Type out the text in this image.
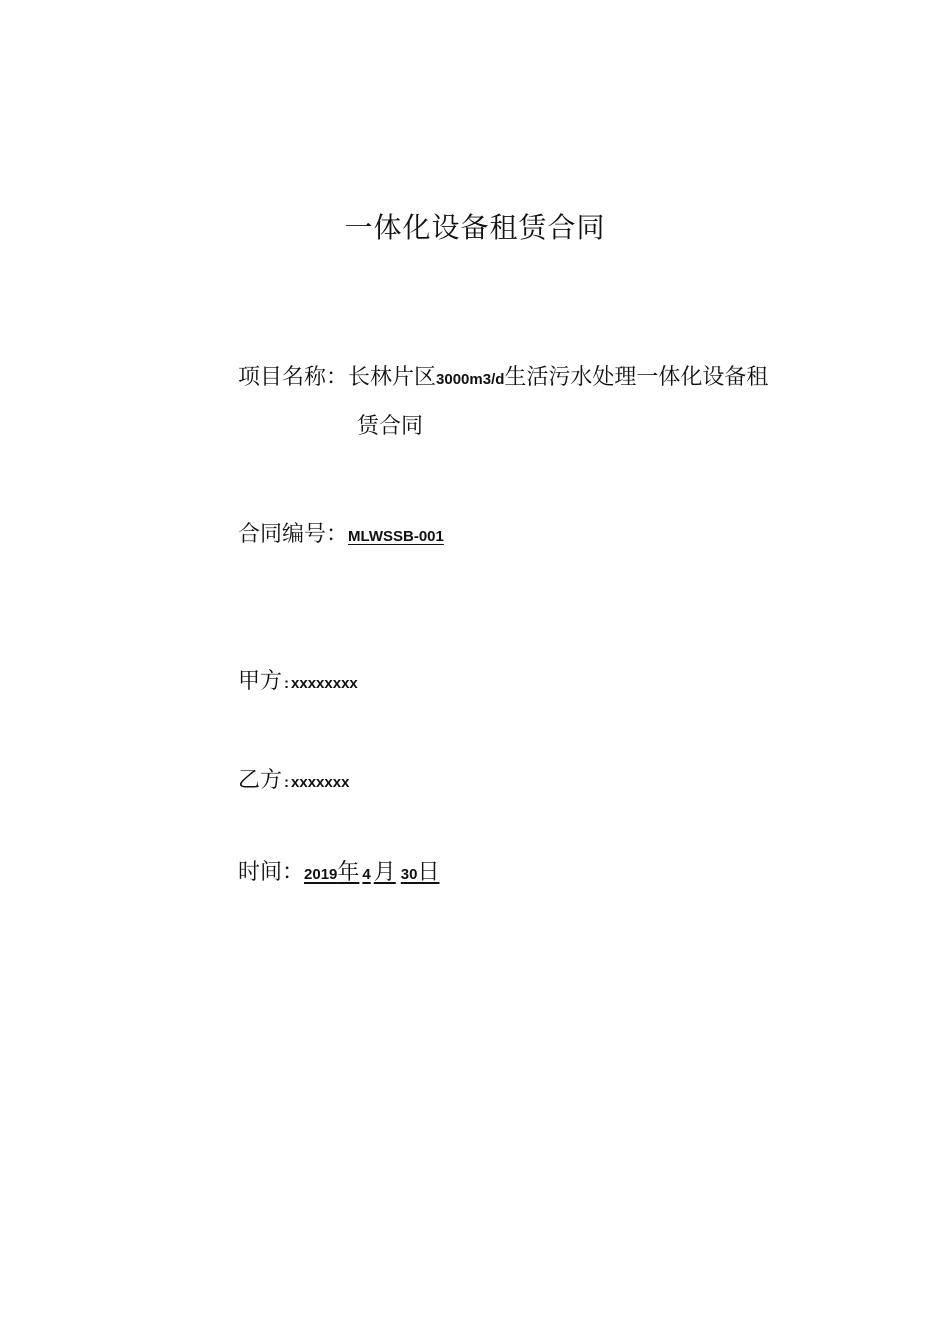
一体化设备租赁合同
项目名称：长林片区3000m3/d生活污水处理一体化设备租
赁合同
合同编号：MLWSSB-001
甲方 : xxxxxxxx
乙方 : xxxxxxx
时间：2019年 4 月 30日
